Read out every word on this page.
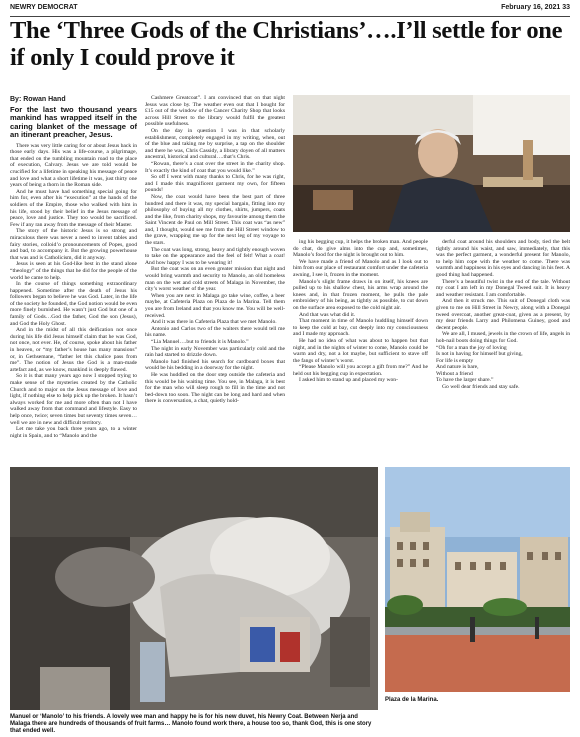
NEWRY DEMOCRAT	February 16, 2021 33
The ‘Three Gods of the Christians’….I’ll settle for one if only I could prove it
By: Rowan Hand

For the last two thousand years mankind has wrapped itself in the caring blanket of the message of an itinerant preacher, Jesus.

There was very little caring for or about Jesus back in those early days. His was a life-course, a pilgrimage, that ended on the tumbling mountain road to the place of execution, Calvary. Jesus we are told would be crucified for a lifetime in speaking his message of peace and love and what a short lifetime it was, just thirty one years of being a thorn in the Roman side.

And he must have had something special going for him for, even after his “execution” at the hands of the soldiers of the Empire, those who walked with him in his life, stood by their belief in the Jesus message of peace, love and justice. They too would be sacrificed. Few if any ran away from the message of their Master.

The story of the historic Jesus is so strong and miraculous there was never a need to invent tables and fairy stories, colloid’o pronouncements of Popes, good and bad, to accompany it. But the growing powerhouse that was and is Catholicism, did it anyway.

Jesus is seen at his God-like best in the stand alone “theology” of the things that he did for the people of the world he came to help.

In the course of things something extraordinary happened. Sometime after the death of Jesus his followers began to believe he was God. Later, in the life of the society he founded, the God notion would be even more finely burnished. He wasn’t just God but one of a family of Gods…God the father, God the son (Jesus), and God the Holy Ghost.

And in the midst of all this deification not once during his life did Jesus himself claim that he was God, not once, not ever. He, of course, spoke about his father in heaven, or “my father’s house has many mansions” or, in Gethsemane, “father let this chalice pass from me”. The notion of Jesus the God is a man-made artefact and, as we know, mankind is deeply flawed.

So it is that many years ago now I stopped trying to make sense of the mysteries created by the Catholic Church and to major on the Jesus message of love and light, if nothing else to help pick up the broken. It hasn’t always worked for me and more often than not I have walked away from that command and lifestyle. Easy to help once, twice; seven times but seventy times seven…well we are in new and difficult territory.

Let me take you back three years ago, to a winter night in Spain, and to “Manolo and the

Cashmere Greatcoat”. I am convinced that on that night Jesus was close by. The weather even out that I bought for £15 out of the window of the Cancer Charity Shop that looks across Hill Street to the library would fulfil the greatest possible usefulness.

On the day in question I was in that scholarly establishment, completely engaged in my writing, when, out of the blue and taking me by surprise, a tap on the shoulder and there he was, Chris Cassidy, a library doyen of all matters ancestral, historical and cultural….that’s Chris.

“Rowan, there’s a coat over the street in the charity shop. It’s exactly the kind of coat that you would like.”

So off I went with many thanks to Chris, for he was right, and I made this magnificent garment my own, for fifteen pounds!

Now, the coat would have been the best part of three hundred and there it was, my special bargain, fitting into my philosophy of buying all my clothes, shirts, jumpers, coats and the like, from charity shops, my favourite among them the Saint Vincent de Paul on Mill Street. This coat was “as new” and, I thought, would see me from the Hill Street window to the grave, wrapping me up for the next leg of my voyage to the stars.

The coat was long, strong, heavy and tightly enough woven to take on the appearance and the feel of felt! What a coat! And how happy I was to be wearing it!

But the coat was on an even greater mission that night and would bring warmth and security to Manolo, an old homeless man on the wet and cold streets of Malaga in November, the city’s worst weather of the year.

When you are next in Malaga go take wine, coffee, a beer maybe, at Cafeteria Plaza on Plaza de la Marina. Tell them you are from Ireland and that you know me. You will be well-received.

And it was there in Cafeteria Plaza that we met Manolo.

Antonio and Carlos two of the waiters there would tell me his name.

“Lia Manuel….but to friends it is Manolo.”

The night in early November was particularly cold and the rain had started to drizzle down.

Manolo had finished his search for cardboard boxes that would be his bedding in a doorway for the night.

He was huddled on the door step outside the cafeteria and this would be his waiting time. You see, in Malaga, it is best for the man who will sleep rough to fill in the time and not bed-down too soon. The night can be long and hard and when there is conversation, a chat, quietly hold-

ing his begging cup, it helps the broken man. And people do chat, do give alms into the cup and, sometimes, Manolo’s food for the night is brought out to him.

We have made a friend of Manolo and as I look out to him from our place of restaurant comfort under the cafeteria awning, I see it, frozen in the moment.

Manolo’s slight frame draws in on itself, his knees are pulled up to his shallow chest, his arms wrap around the knees and, in that frozen moment, he pulls the pale embroidery of his being, as tightly as possible, to cut down on the surface area exposed to the cold night air.

And that was what did it.

That moment in time of Manolo huddling himself down to keep the cold at bay, cut deeply into my consciousness and I made my approach.

He had no idea of what was about to happen but that night, and in the nights of winter to come, Manolo could be warm and dry, not a lot maybe, but sufficient to stave off the fangs of winter’s worst.

“Please Manolo will you accept a gift from me?” And he held out his begging cup in expectation.

I asked him to stand up and placed my won-

derful coat around his shoulders and body, tied the belt tightly around his waist, and saw, immediately, that this was the perfect garment, a wonderful present for Manolo, to help him cope with the weather to come. There was warmth and happiness in his eyes and dancing in his feet. A good thing had happened.

There’s a beautiful twist in the end of the tale. Without my coat I am left in my Donegal Tweed suit. It is heavy and weather resistant. I am comfortable.

And then it struck me. This suit of Donegal cloth was given to me on Hill Street in Newry, along with a Donegal tweed overcoat, another great-coat, given as a present, by my dear friends Larry and Philomena Guiney, good and decent people.

We are all, I mused, jewels in the crown of life, angels in hob-nail boots doing things for God.

“Oh for a man the joy of loving

Is not in having for himself but giving,

For life is empty

And nature is bare,

Without a friend

To have the larger share.”

Go well dear friends and stay safe.

Manuel or ‘Manolo’ to his friends. A lovely wee man and happy he is for his new duvet, his Newry Coat. Between Nerja and Malaga there are hundreds of thousands of fruit farms… Manolo found work there, a house too so, thank God, this is one story that ended well.
Plaza de la Marina.
